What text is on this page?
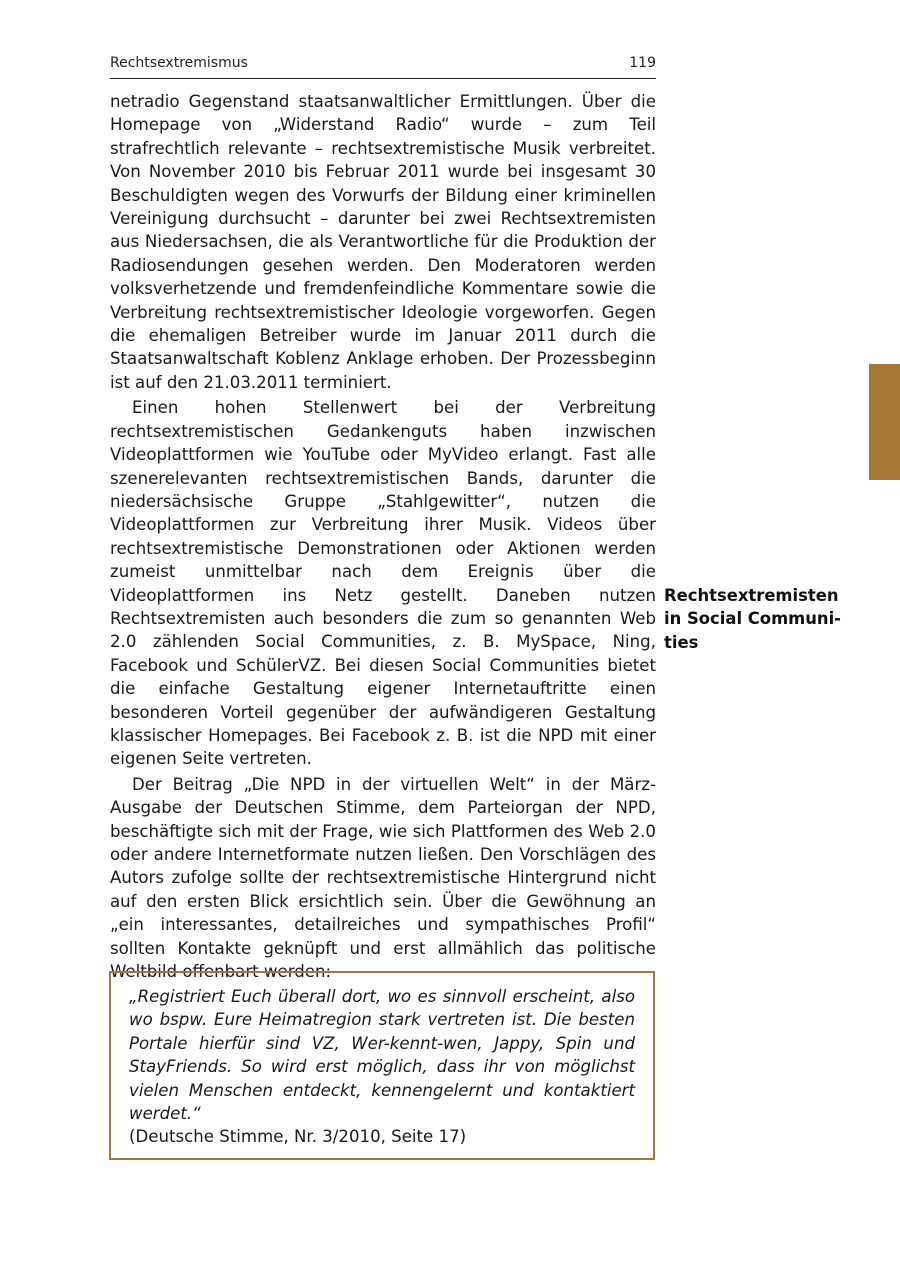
Rechtsextremismus	119

netradio Gegenstand staatsanwaltlicher Ermittlungen. Über die Homepage von „Widerstand Radio“ wurde – zum Teil strafrechtlich relevante – rechtsextremistische Musik verbreitet. Von November 2010 bis Februar 2011 wurde bei insgesamt 30 Beschuldigten wegen des Vorwurfs der Bildung einer kriminellen Vereinigung durchsucht – darunter bei zwei Rechtsextremisten aus Niedersachsen, die als Verantwortliche für die Produktion der Radiosendungen gesehen werden. Den Moderatoren werden volksverhetzende und fremdenfeindliche Kommentare sowie die Verbreitung rechtsextremistischer Ideologie vorgeworfen. Gegen die ehemaligen Betreiber wurde im Januar 2011 durch die Staatsanwaltschaft Koblenz Anklage erhoben. Der Prozessbeginn ist auf den 21.03.2011 terminiert.

Einen hohen Stellenwert bei der Verbreitung rechtsextremistischen Gedankenguts haben inzwischen Videoplattformen wie YouTube oder MyVideo erlangt. Fast alle szenerelevanten rechtsextremistischen Bands, darunter die niedersächsische Gruppe „Stahlgewitter“, nutzen die Videoplattformen zur Verbreitung ihrer Musik. Videos über rechtsextremistische Demonstrationen oder Aktionen werden zumeist unmittelbar nach dem Ereignis über die Videoplattformen ins Netz gestellt. Daneben nutzen Rechtsextremisten auch besonders die zum so genannten Web 2.0 zählenden Social Communities, z. B. MySpace, Ning, Facebook und SchülerVZ. Bei diesen Social Communities bietet die einfache Gestaltung eigener Internetauftritte einen besonderen Vorteil gegenüber der aufwändigeren Gestaltung klassischer Homepages. Bei Facebook z. B. ist die NPD mit einer eigenen Seite vertreten.

Der Beitrag „Die NPD in der virtuellen Welt“ in der März-Ausgabe der Deutschen Stimme, dem Parteiorgan der NPD, beschäftigte sich mit der Frage, wie sich Plattformen des Web 2.0 oder andere Internetformate nutzen ließen. Den Vorschlägen des Autors zufolge sollte der rechtsextremistische Hintergrund nicht auf den ersten Blick ersichtlich sein. Über die Gewöhnung an „ein interessantes, detailreiches und sympathisches Profil“ sollten Kontakte geknüpft und erst allmählich das politische Weltbild offenbart werden:

Rechtsextremisten
in Social Communi-
ties
„Registriert Euch überall dort, wo es sinnvoll erscheint, also wo bspw. Eure Heimatregion stark vertreten ist. Die besten Portale hierfür sind VZ, Wer-kennt-wen, Jappy, Spin und StayFriends. So wird erst möglich, dass ihr von möglichst vielen Menschen entdeckt, kennengelernt und kontaktiert werdet.“
(Deutsche Stimme, Nr. 3/2010, Seite 17)
